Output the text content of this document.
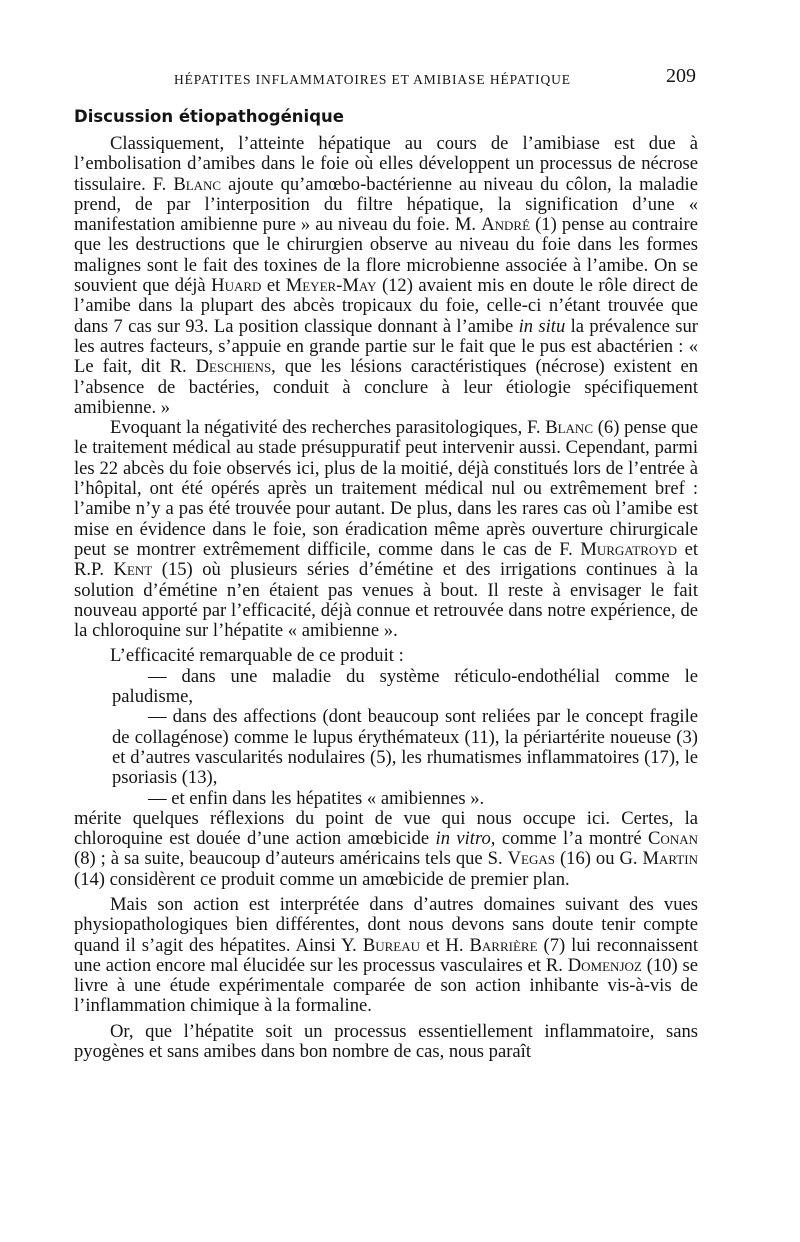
HÉPATITES INFLAMMATOIRES ET AMIBIASE HÉPATIQUE	209
Discussion étiopathogénique

Classiquement, l’atteinte hépatique au cours de l’amibiase est due à l’embolisation d’amibes dans le foie où elles développent un processus de nécrose tissulaire. F. Blanc ajoute qu’amœbo-bactérienne au niveau du côlon, la maladie prend, de par l’interposition du filtre hépatique, la signification d’une « manifestation amibienne pure » au niveau du foie. M. André (1) pense au contraire que les destructions que le chirurgien observe au niveau du foie dans les formes malignes sont le fait des toxines de la flore microbienne associée à l’amibe. On se souvient que déjà Huard et Meyer-May (12) avaient mis en doute le rôle direct de l’amibe dans la plupart des abcès tropicaux du foie, celle-ci n’étant trouvée que dans 7 cas sur 93. La position classique donnant à l’amibe in situ la prévalence sur les autres facteurs, s’appuie en grande partie sur le fait que le pus est abactérien : « Le fait, dit R. Deschiens, que les lésions caractéristiques (nécrose) existent en l’absence de bactéries, conduit à conclure à leur étiologie spécifiquement amibienne. »

Evoquant la négativité des recherches parasitologiques, F. Blanc (6) pense que le traitement médical au stade présuppuratif peut intervenir aussi. Cependant, parmi les 22 abcès du foie observés ici, plus de la moitié, déjà constitués lors de l’entrée à l’hôpital, ont été opérés après un traitement médical nul ou extrêmement bref : l’amibe n’y a pas été trouvée pour autant. De plus, dans les rares cas où l’amibe est mise en évidence dans le foie, son éradication même après ouverture chirurgicale peut se montrer extrêmement difficile, comme dans le cas de F. Murgatroyd et R.P. Kent (15) où plusieurs séries d’émétine et des irrigations continues à la solution d’émétine n’en étaient pas venues à bout. Il reste à envisager le fait nouveau apporté par l’efficacité, déjà connue et retrouvée dans notre expérience, de la chloroquine sur l’hépatite « amibienne ».

L’efficacité remarquable de ce produit :

— dans une maladie du système réticulo-endothélial comme le paludisme,

— dans des affections (dont beaucoup sont reliées par le concept fragile de collagénose) comme le lupus érythémateux (11), la périartérite noueuse (3) et d’autres vascularités nodulaires (5), les rhumatismes inflammatoires (17), le psoriasis (13),

— et enfin dans les hépatites « amibiennes ».

mérite quelques réflexions du point de vue qui nous occupe ici. Certes, la chloroquine est douée d’une action amœbicide in vitro, comme l’a montré Conan (8) ; à sa suite, beaucoup d’auteurs américains tels que S. Vegas (16) ou G. Martin (14) considèrent ce produit comme un amœbicide de premier plan.

Mais son action est interprétée dans d’autres domaines suivant des vues physiopathologiques bien différentes, dont nous devons sans doute tenir compte quand il s’agit des hépatites. Ainsi Y. Bureau et H. Barrière (7) lui reconnaissent une action encore mal élucidée sur les processus vasculaires et R. Domenjoz (10) se livre à une étude expérimentale comparée de son action inhibante vis-à-vis de l’inflammation chimique à la formaline.

Or, que l’hépatite soit un processus essentiellement inflammatoire, sans pyogènes et sans amibes dans bon nombre de cas, nous paraît
